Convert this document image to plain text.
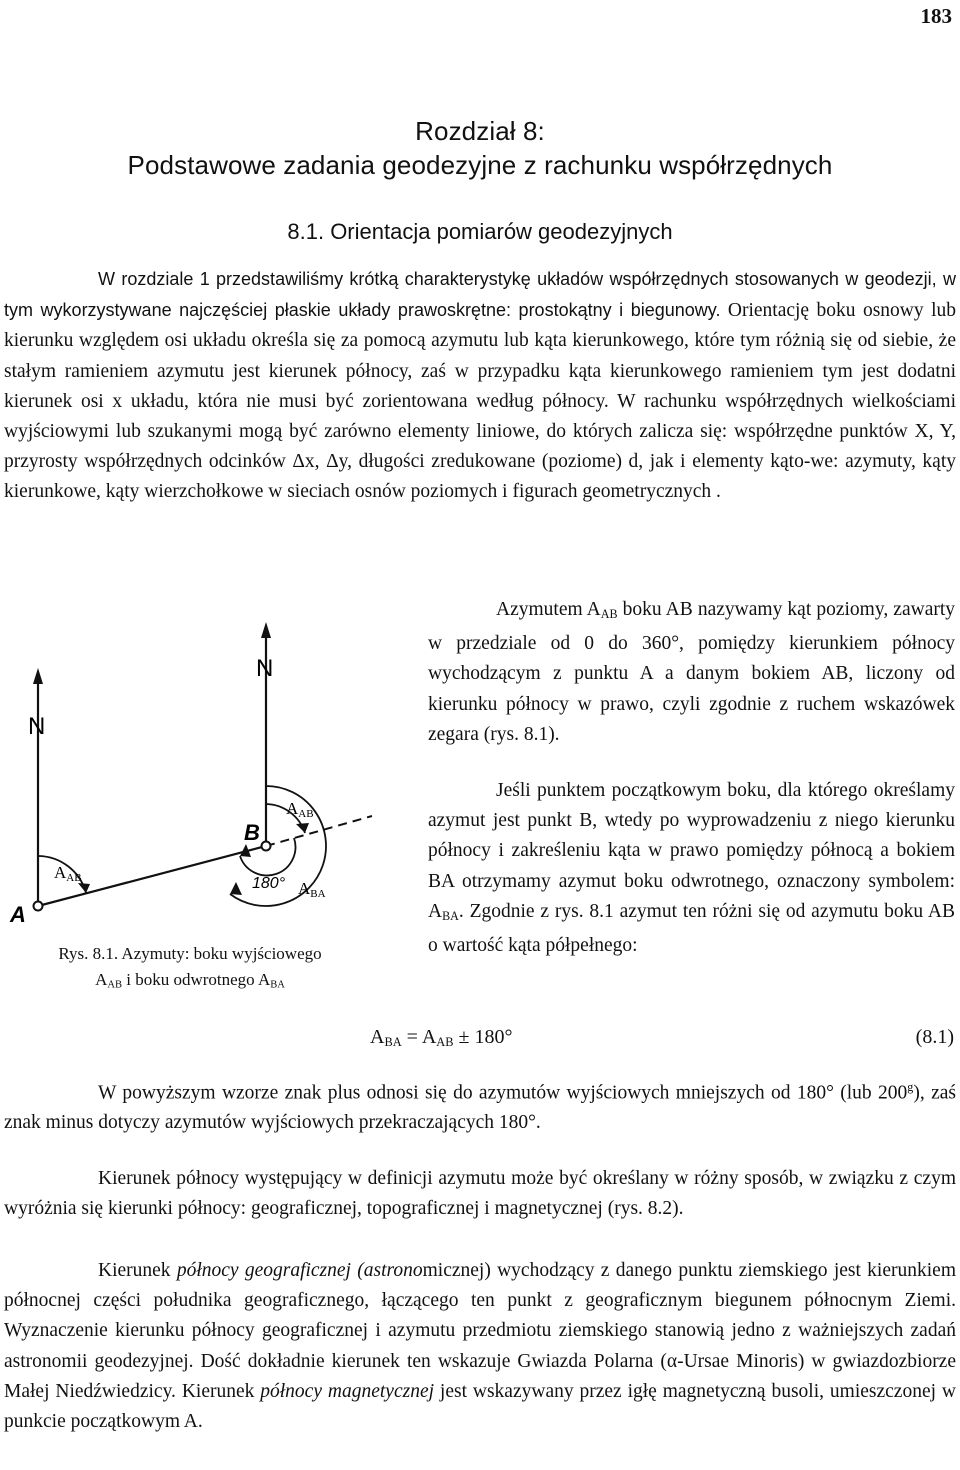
183
Rozdział 8:
Podstawowe zadania geodezyjne z rachunku współrzędnych
8.1. Orientacja pomiarów geodezyjnych

W rozdziale 1 przedstawiliśmy krótką charakterystykę układów współrzędnych stosowanych w geodezji, w tym wykorzystywane najczęściej płaskie układy prawoskrętne: prostokątny i biegunowy. Orientację boku osnowy lub kierunku względem osi układu określa się za pomocą azymutu lub kąta kierunkowego, które tym różnią się od siebie, że stałym ramieniem azymutu jest kierunek północy, zaś w przypadku kąta kierunkowego ramieniem tym jest dodatni kierunek osi x układu, która nie musi być zorientowana według północy. W rachunku współrzędnych wielkościami wyjściowymi lub szukanymi mogą być zarówno elementy liniowe, do których zalicza się: współrzędne punktów X, Y, przyrosty współrzędnych odcinków Δx, Δy, długości zredukowane (poziome) d, jak i elementy kąto-we: azymuty, kąty kierunkowe, kąty wierzchołkowe w sieciach osnów poziomych i figurach geometrycznych .

N
N
A
B
AAB
AAB
ABA
180°
Rys. 8.1. Azymuty: boku wyjściowego
$A_{AB}$ i boku odwrotnego $A_{BA}$

Azymutem $A_{AB}$ boku AB nazywamy kąt poziomy, zawarty w przedziale od 0 do 360°, pomiędzy kierunkiem północy wychodzącym z punktu A a danym bokiem AB, liczony od kierunku północy w prawo, czyli zgodnie z ruchem wskazówek zegara (rys. 8.1).

Jeśli punktem początkowym boku, dla którego określamy azymut jest punkt B, wtedy po wyprowadzeniu z niego kierunku północy i zakreśleniu kąta w prawo pomiędzy północą a bokiem BA otrzymamy azymut boku odwrotnego, oznaczony symbolem: $A_{BA}$. Zgodnie z rys. 8.1 azymut ten różni się od azymutu boku AB o wartość kąta półpełnego:

$A_{BA} = A_{AB} \pm 180^\circ$	(8.1)

W powyższym wzorze znak plus odnosi się do azymutów wyjściowych mniejszych od 180° (lub 200$^g$), zaś znak minus dotyczy azymutów wyjściowych przekraczających 180°.

Kierunek północy występujący w definicji azymutu może być określany w różny sposób, w związku z czym wyróżnia się kierunki północy: geograficznej, topograficznej i magnetycznej (rys. 8.2).

Kierunek północy geograficznej (astronomicznej) wychodzący z danego punktu ziemskiego jest kierunkiem północnej części południka geograficznego, łączącego ten punkt z geograficznym biegunem północnym Ziemi. Wyznaczenie kierunku północy geograficznej i azymutu przedmiotu ziemskiego stanowią jedno z ważniejszych zadań astronomii geodezyjnej. Dość dokładnie kierunek ten wskazuje Gwiazda Polarna (α-Ursae Minoris) w gwiazdozbiorze Małej Niedźwiedzicy. Kierunek północy magnetycznej jest wskazywany przez igłę magnetyczną busoli, umieszczonej w punkcie początkowym A.
